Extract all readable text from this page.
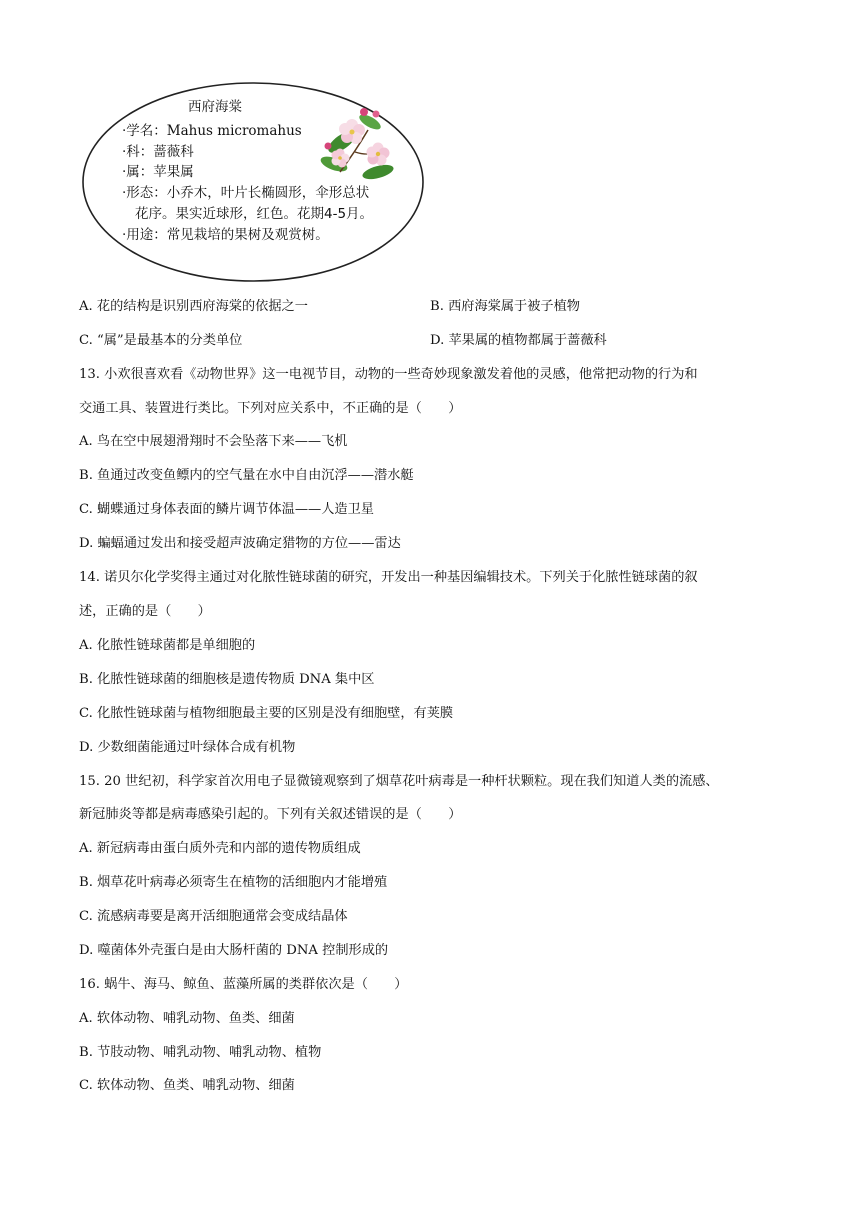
西府海棠
·学名：Mahus micromahus
·科：蔷薇科
·属：苹果属
·形态：小乔木，叶片长椭圆形，伞形总状
花序。果实近球形，红色。花期4-5月。
·用途：常见栽培的果树及观赏树。
A. 花的结构是识别西府海棠的依据之一	B. 西府海棠属于被子植物
C. “属”是最基本的分类单位	D. 苹果属的植物都属于蔷薇科
13. 小欢很喜欢看《动物世界》这一电视节目，动物的一些奇妙现象激发着他的灵感，他常把动物的行为和
交通工具、装置进行类比。下列对应关系中，不正确的是（　　）
A. 鸟在空中展翅滑翔时不会坠落下来——飞机
B. 鱼通过改变鱼鳔内的空气量在水中自由沉浮——潜水艇
C. 蝴蝶通过身体表面的鳞片调节体温——人造卫星
D. 蝙蝠通过发出和接受超声波确定猎物的方位——雷达
14. 诺贝尔化学奖得主通过对化脓性链球菌的研究，开发出一种基因编辑技术。下列关于化脓性链球菌的叙
述，正确的是（　　）
A. 化脓性链球菌都是单细胞的
B. 化脓性链球菌的细胞核是遗传物质 DNA 集中区
C. 化脓性链球菌与植物细胞最主要的区别是没有细胞壁，有荚膜
D. 少数细菌能通过叶绿体合成有机物
15. 20 世纪初，科学家首次用电子显微镜观察到了烟草花叶病毒是一种杆状颗粒。现在我们知道人类的流感、
新冠肺炎等都是病毒感染引起的。下列有关叙述错误的是（　　）
A. 新冠病毒由蛋白质外壳和内部的遗传物质组成
B. 烟草花叶病毒必须寄生在植物的活细胞内才能增殖
C. 流感病毒要是离开活细胞通常会变成结晶体
D. 噬菌体外壳蛋白是由大肠杆菌的 DNA 控制形成的
16. 蜗牛、海马、鲸鱼、蓝藻所属的类群依次是（　　）
A. 软体动物、哺乳动物、鱼类、细菌
B. 节肢动物、哺乳动物、哺乳动物、植物
C. 软体动物、鱼类、哺乳动物、细菌
